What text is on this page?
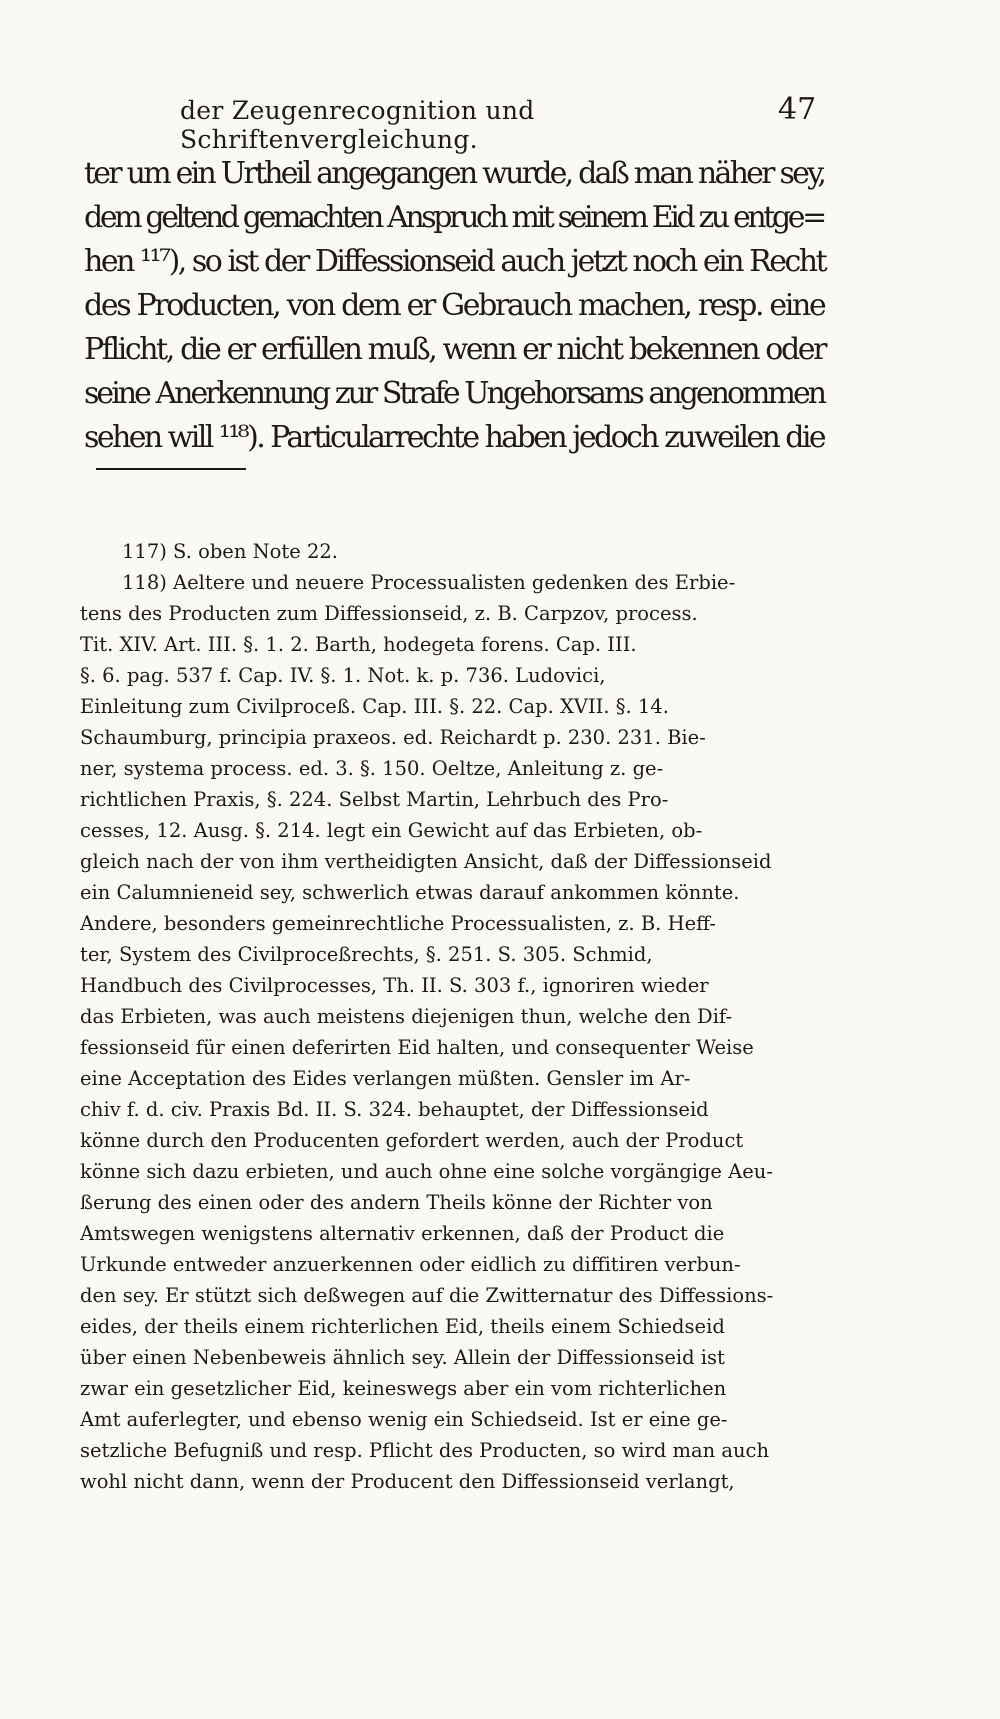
der Zeugenrecognition und Schriftenvergleichung.
47
ter um ein Urtheil angegangen wurde, daß man näher sey,
dem geltend gemachten Anspruch mit seinem Eid zu entge=
hen ¹¹⁷), so ist der Diffessionseid auch jetzt noch ein Recht
des Producten, von dem er Gebrauch machen, resp. eine
Pflicht, die er erfüllen muß, wenn er nicht bekennen oder
seine Anerkennung zur Strafe Ungehorsams angenommen
sehen will ¹¹⁸). Particularrechte haben jedoch zuweilen die
117) S. oben Note 22.
118) Aeltere und neuere Processualisten gedenken des Erbie-
tens des Producten zum Diffessionseid, z. B. Carpzov, process.
Tit. XIV. Art. III. §. 1. 2. Barth, hodegeta forens. Cap. III.
§. 6. pag. 537 f. Cap. IV. §. 1. Not. k. p. 736. Ludovici,
Einleitung zum Civilproceß. Cap. III. §. 22. Cap. XVII. §. 14.
Schaumburg, principia praxeos. ed. Reichardt p. 230. 231. Bie-
ner, systema process. ed. 3. §. 150. Oeltze, Anleitung z. ge-
richtlichen Praxis, §. 224. Selbst Martin, Lehrbuch des Pro-
cesses, 12. Ausg. §. 214. legt ein Gewicht auf das Erbieten, ob-
gleich nach der von ihm vertheidigten Ansicht, daß der Diffessionseid
ein Calumnieneid sey, schwerlich etwas darauf ankommen könnte.
Andere, besonders gemeinrechtliche Processualisten, z. B. Heff-
ter, System des Civilproceßrechts, §. 251. S. 305. Schmid,
Handbuch des Civilprocesses, Th. II. S. 303 f., ignoriren wieder
das Erbieten, was auch meistens diejenigen thun, welche den Dif-
fessionseid für einen deferirten Eid halten, und consequenter Weise
eine Acceptation des Eides verlangen müßten. Gensler im Ar-
chiv f. d. civ. Praxis Bd. II. S. 324. behauptet, der Diffessionseid
könne durch den Producenten gefordert werden, auch der Product
könne sich dazu erbieten, und auch ohne eine solche vorgängige Aeu-
ßerung des einen oder des andern Theils könne der Richter von
Amtswegen wenigstens alternativ erkennen, daß der Product die
Urkunde entweder anzuerkennen oder eidlich zu diffitiren verbun-
den sey. Er stützt sich deßwegen auf die Zwitternatur des Diffessions-
eides, der theils einem richterlichen Eid, theils einem Schiedseid
über einen Nebenbeweis ähnlich sey. Allein der Diffessionseid ist
zwar ein gesetzlicher Eid, keineswegs aber ein vom richterlichen
Amt auferlegter, und ebenso wenig ein Schiedseid. Ist er eine ge-
setzliche Befugniß und resp. Pflicht des Producten, so wird man auch
wohl nicht dann, wenn der Producent den Diffessionseid verlangt,
